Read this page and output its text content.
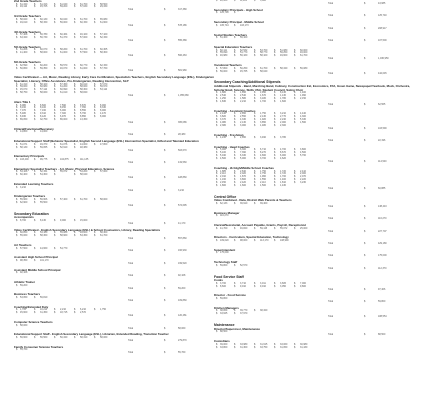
2nd Grade Teachers
$ 61,340	$ 61,313	$ 61,040	$ 61,700	$ 58,500
$ 49,110	$ 45,705	$ 59,200	$ 57,030	$ 29,330
Total	$	317,380
3rd Grade Teachers
$ 58,020	$ 60,130	$ 60,040	$ 61,700	$ 65,080
$ 49,010	$ 58,150	$ 56,000	$ 60,150	$ 61,600
Total	$	578,186
4th Grade Teachers
$ 57,408	$ 56,780	$ 60,464	$ 46,100	$ 57,100
$ 63,320	$ 56,730	$ 51,370	$ 57,000	$ 52,150
Total	$	555,389
5th Grade Teachers
$ 61,208	$ 60,070	$ 58,260	$ 61,700	$ 60,305
$ 41,400	$ 58,000	$ 61,000	$ 57,500	$ 58,300
Total	$	566,463
6th Grade Teachers
$ 62,590	$ 60,200	$ 59,570	$ 60,770	$ 62,150
$ 50,860	$ 59,350	$ 46,070	$ 61,000	$ 57,760
Total	$	581,980
Video Certificated — Art, Music, Reading Library, Early Care Certification, Specialists Teachers, English Secondary Language (ESL), Kindergarten Specialist, Literacy, Office Assistance, Pre-Kindergarten, Reading Intervention, SLP
$ 61,310	$ 58,100	$ 57,450	$ 60,010	$ 57,070
$ 59,060	$ 60,680	$ 61,260	$ 58,060	$ 56,970
$ 45,070	$ 57,110	$ 60,990	$ 58,300	$ 53,110
$ 58,750	$ 58,060	$ 61,010	$ 58,840
Total	$	1,055,680
Alaro Title 1
$ 8,080	$ 8,600	$ 7,590	$ 8,870	$ 8,000
$ 8,160	$ 8,100	$ 8,450	$ 7,350	$ 8,330
$ 7,070	$ 7,160	$ 6,000	$ 8,550	$ 8,000
$ 5,480	$ 9,310	$ 7,300	$ 5,760	$ 4,470
$ 8,930	$ 8,120	$ 6,970	$ 8,850	$ 8,000
$ 89,050	$ 32,750	$ 86,000	$ 13,450
Total	$	365,086
Clinical/Functional/Secretary
$ 14,800	$ 14,000
Total	$	28,480
Educational Support Staff (Behavior Specialist, English Second Language (ESL) Intervention Specialist, Gifted and Talented Education
$ 51,071	$ 49,370	$ 61,076	$ 44,000	$ 47,800
$ 58,130	$ 59,055	$ 52,910	$ 48,380
Total	$	503,670
Elementary Principals
$ 103,400 $ 99,775	$ 104,875 $ 111,135
Total	$	419,560
Elementary Specialist Teachers - Art, Music, Physical Education, Science
$ 53,108	$ 52,151	$ 55,072	$ 53,200	$ 57,000
$ 60,400	$ 54,300	$	$ 58,040
Total	$	428,860
Extended Learning Teachers
$ 3,210
Total	$	3,210
Kindergarten Teachers
$ 55,960	$ 56,606	$ 57,400	$ 61,700	$ 58,000
$ 62,900	$ 55,500
Total	$	574,695
Secondary Education
Accompanists
$ 8,700	$ 8,130	$ 9,000	$ 15,000
Total	$	41,170
Video Certificated - English Secondary Language (ESL) & School Counselors, Library, Reading Specialists
$ 60,850	$ 53,100	$ 55,080	$ 46,000	$ 58,300
$ 55,060	$ 58,360	$ 58,960	$ 53,450	$ 61,700
Total	$	557,860
Art Teachers
$ 57,500	$ 44,660	$ 54,770
Total	$	166,930
Assistant High School Principal
$ 98,350	$ 101,170
Total	$	199,520
Assistant Middle School Principal
$ 92,108
Total	$	92,108
Athletic Trainer
$ 59,200
Total	$	59,200
Business Teachers
$ 53,050	$ 56,810
Total	$	109,860
Coaching/Extended Duty
$ 1,765	$ 10,211	$ 2,210	$ 6,210	$ 1,750
$ 45,600	$ 31,450	$ 18,715	$ 2,570
Total	$	120,481
Computer Science Teachers
$ 58,060
Total	$	58,060
Educational Support Staff - English Secondary Language (ESL), Librarian, Extended Reading, Transition Teacher
$ 56,600	$ 56,560	$ 50,340	$ 58,310	$ 58,060
Total	$	279,870
Family Consumer Science Teachers
$ 55,760
Total	$	55,760
$ 28,600	$ 11,285	$ 3,800
Total	$	43,685
Secondary Principals - High School
$ 125,740 $
Total	$	125,740
Secondary Principal - Middle School
$ 105,744 $ 103,173
Total	$	208,917
Social Studies Teachers
$ 51,400	$ 56,100
Total	$	107,500
Special Education Teachers
$ 60,111	$ 62,532	$ 53,700	$ 51,080	$ 60,000
$ 55,090	$ 51,770	$ 58,770	$ 56,250	$ 46,000
$ 46,980	$ 56,160	$ 58,100	$ 49,600	$ 61,700
Total	$	1,030,950
Vocational Teachers
$ 57,800	$ 50,250	$ 61,700	$ 58,340	$ 56,080
$ 56,000	$ 45,765	$ 58,040
Total	$	442,045
Secondary Coaching/Additional Stipends
Additional Stipends - Band, Marching Band, Culinary, Construction Ext, Economics, FFA, Green Game, Newspaper/Yearbook, Mock, Orchestra, Scholar Bowl, Science, Skills USA, Student Council, Swing Choir
$ 1,880	$ 1,850	$ 1,950	$ 8,130	$ 1,400
$ 2,540	$ 2,540	$ 1,670	$ 1,130	$ 1,990
$ 1,250	$ 1,580	$ 3,180	$ 1,780	$ 2,150
$ 1,830	$ 2,210	$ 1,700	$ 1,600
Total	$	62,565
Coaching - Assistant Coaches
$ 2,440	$ 2,850	$ 1,750	$ 3,210	$ 4,440
$ 3,820	$ 2,550	$ 2,130	$ 2,770	$ 4,300
$ 3,370	$ 4,330	$ 1,920	$ 2,240	$ 5,330
$ 4,080	$ 2,130	$ 3,850	$ 2,000	$ 1,560
$ 2,380	$ 3,000	$ 1,480	$ 2,300
Total	$	103,590
Coaching - Freshman
$ 4,230	$ 2,850	$ 3,490	$ 3,780
Total	$	22,196
Coaching - Head Coaches
$ 5,000	$ 6,300	$ 6,710	$ 4,700	$ 3,800
$ 5,100	$ 7,390	$ 8,270	$ 8,670	$ 4,500
$ 5,040	$ 6,330	$ 4,660	$ 6,000	$ 5,760
$ 4,500	$ 5,000	$ 3,700	$ 4,620
Total	$	114,540
Coaching - JH High/Middle School Coaches
$ 1,885	$ 2,840	$ 1,750	$ 1,720	$ 2,410
$ 2,110	$ 2,020	$ 1,750	$ 1,720	$ 2,000
$ 2,010	$ 1,870	$ 1,960	$ 1,700	$ 2,070
$ 1,160	$ 3,800	$ 1,550	$ 1,400	$ 2,220
$ 2,450	$ 2,420	$ 2,110	$ 1,810	$ 3,230
$ 1,800	$ 1,600	$ 1,500	$ 1,430
Total	$	60,885
Central Office
Video Combined - Data, District Web Parents & Teachers
$ 62,133	$ 36,910	$ 39,400
Total	$	138,443
Business Manager
$ 116,270
Total	$	116,270
Clerical/Secretarial, Account Payable, Grants, Payroll, Receptionist
$ 41,700	$ 46,820	$ 59,115	$ 55,072	$ 25,000
Total	$	227,707
Directors - Curriculum, Special Education, Technology
$ 109,020 $ 98,000	$ 113,170 $ 108,990
Total	$	429,180
Superintendent
$ 175,000
Total	$	175,000
Technology Staff
$ 59,800	$ 52,570
Total	$	112,370
Food Service Staff
Cooks
$ 3,700	$ 3,710	$ 3,011	$ 3,605	$ 7,000
$ 8,600	$ 9,010	$ 9,010	$ 3,050	$ 9,800
Total	$	97,406
Director - Food Service
$ 59,800
Total	$	59,800
Kitchen Managers
$ 38,869	$ 39,770	$ 38,320
$ 33,625	$ 37,970
Total	$	188,554
Maintenance
Director/Supervisor, Maintenance
$ 88,500
Total	$	88,500
Custodians
$ 39,000	$ 33,980	$ 31,615	$ 33,060	$ 30,980
$ 33,800	$ 31,300	$ 33,750	$ 31,050	$ 31,430
